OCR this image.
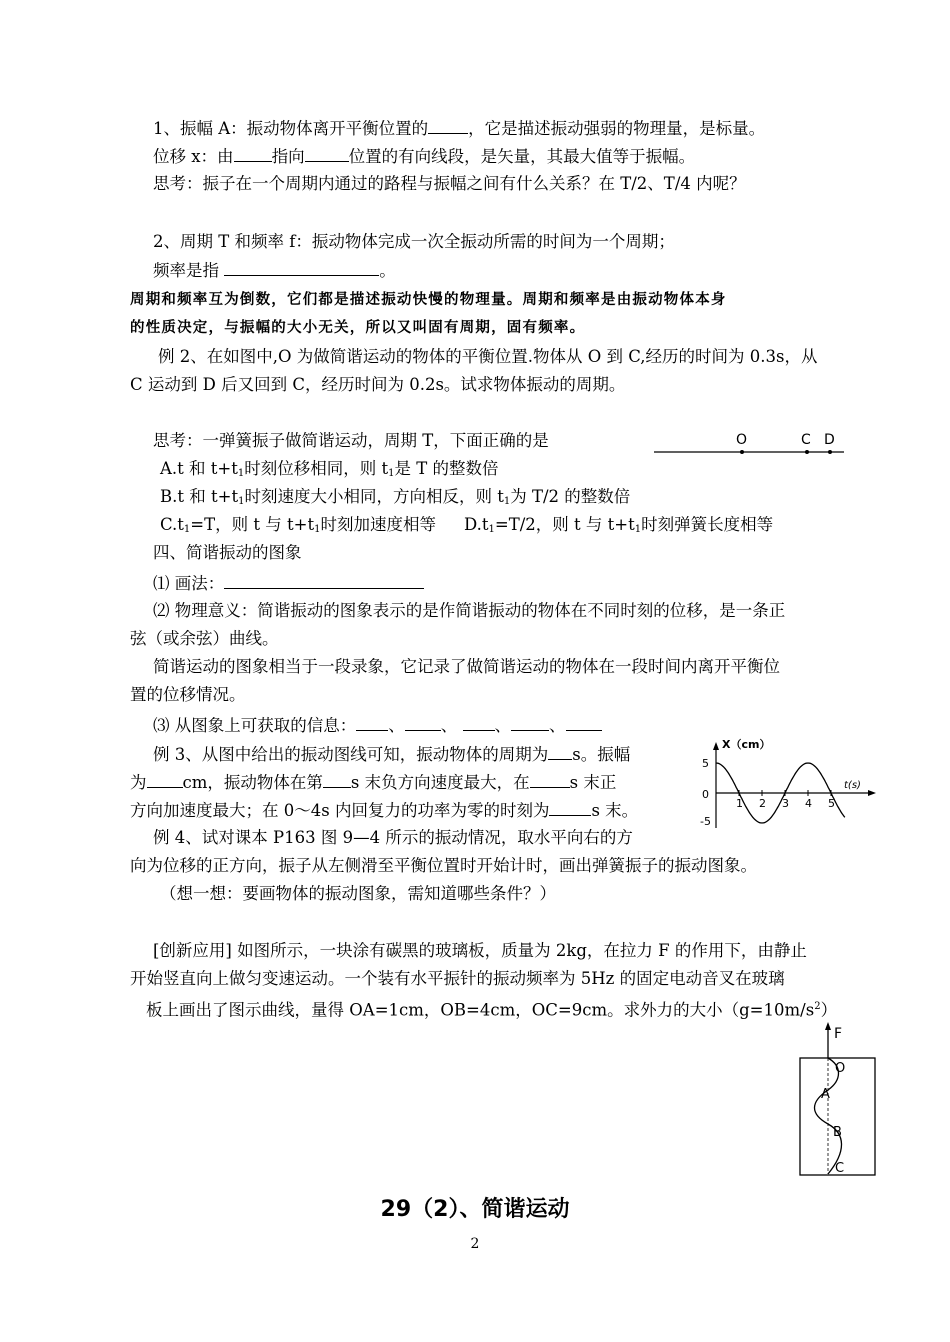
1、振幅 A：振动物体离开平衡位置的 ，它是描述振动强弱的物理量，是标量。
位移 x：由 指向	位置的有向线段，是矢量，其最大值等于振幅。
思考：振子在一个周期内通过的路程与振幅之间有什么关系？在 T/2、T/4 内呢？
2、周期 T 和频率 f：振动物体完成一次全振动所需的时间为一个周期；
频率是指	。
周期和频率互为倒数，它们都是描述振动快慢的物理量。周期和频率是由振动物体本身
的性质决定，与振幅的大小无关，所以又叫固有周期，固有频率。
例 2、在如图中,O 为做简谐运动的物体的平衡位置.物体从 O 到 C,经历的时间为 0.3s，从
C 运动到 D 后又回到 C，经历时间为 0.2s。试求物体振动的周期。
思考：一弹簧振子做简谐运动，周期 T，下面正确的是	O	C D
A.t 和 $t+t_1$时刻位移相同，则 $t_1$是 T 的整数倍
B.t 和 $t+t_1$时刻速度大小相同，方向相反，则 $t_1$为 T/2 的整数倍
$C.t_1=T$，则 t 与 $t+t_1$时刻加速度相等 $D.t_1=T/2$，则 t 与 $t+t_1$时刻弹簧长度相等
四、简谐振动的图象
⑴ 画法：
⑵ 物理意义：简谐振动的图象表示的是作简谐振动的物体在不同时刻的位移，是一条正
弦（或余弦）曲线。
简谐运动的图象相当于一段录象，它记录了做简谐运动的物体在一段时间内离开平衡位
置的位移情况。
⑶ 从图象上可获取的信息： 、 、 、 、
例 3、从图中给出的振动图线可知，振动物体的周期为 s。振幅
为 cm，振动物体在第 s 末负方向速度最大，在 s 末正
方向加速度最大；在 0～4s 内回复力的功率为零的时刻为	s 末。
X（cm）
t(s)
5
0
-5
1 2 3 4 5
例 4、试对课本 P163 图 9—4 所示的振动情况，取水平向右的方
向为位移的正方向，振子从左侧滑至平衡位置时开始计时，画出弹簧振子的振动图象。
（想一想：要画物体的振动图象，需知道哪些条件？）
[创新应用] 如图所示，一块涂有碳黑的玻璃板，质量为 2kg，在拉力 F 的作用下，由静止
开始竖直向上做匀变速运动。一个装有水平振针的振动频率为 5Hz 的固定电动音叉在玻璃
板上画出了图示曲线，量得 OA=1cm，OB=4cm，OC=9cm。求外力的大小$(g=10m/s^2)$
F
O
A
B
C
29（2）、简谐运动
2
